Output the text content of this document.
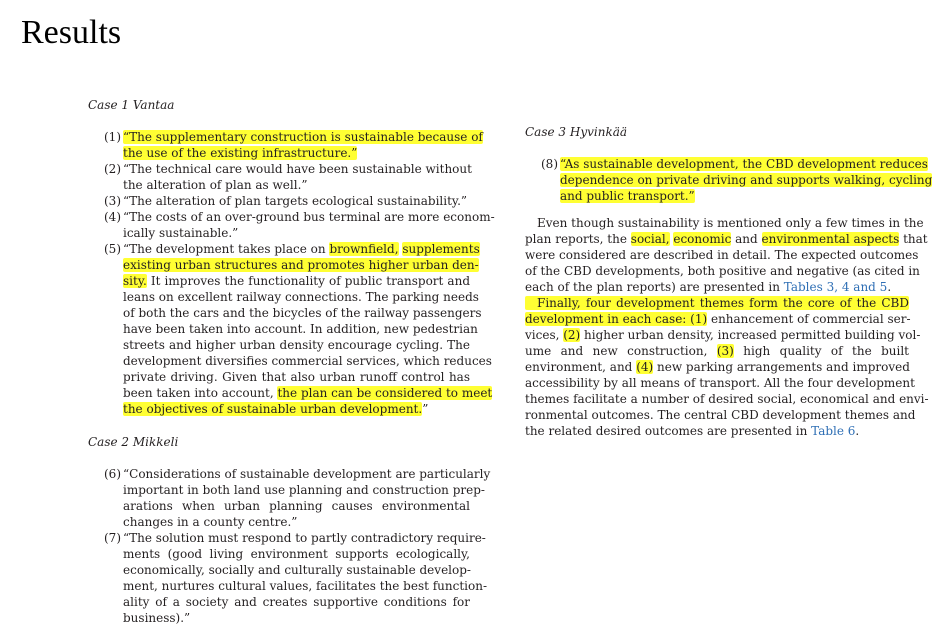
Results
Case 1 Vantaa
(1) “The supplementary construction is sustainable because of
the use of the existing infrastructure.”
(2) “The technical care would have been sustainable without
the alteration of plan as well.”
(3) “The alteration of plan targets ecological sustainability.”
(4) “The costs of an over-ground bus terminal are more econom-
ically sustainable.”
(5) “The development takes place on brownfield, supplements
existing urban structures and promotes higher urban den-
sity. It improves the functionality of public transport and
leans on excellent railway connections. The parking needs
of both the cars and the bicycles of the railway passengers
have been taken into account. In addition, new pedestrian
streets and higher urban density encourage cycling. The
development diversifies commercial services, which reduces
private driving. Given that also urban runoff control has
been taken into account, the plan can be considered to meet
the objectives of sustainable urban development.”
Case 2 Mikkeli
(6) “Considerations of sustainable development are particularly
important in both land use planning and construction prep-
arations when urban planning causes environmental
changes in a county centre.”
(7) “The solution must respond to partly contradictory require-
ments (good living environment supports ecologically,
economically, socially and culturally sustainable develop-
ment, nurtures cultural values, facilitates the best function-
ality of a society and creates supportive conditions for
business).”
Case 3 Hyvinkää
(8) “As sustainable development, the CBD development reduces
dependence on private driving and supports walking, cycling
and public transport.”
 Even though sustainability is mentioned only a few times in the
plan reports, the social, economic and environmental aspects that
were considered are described in detail. The expected outcomes
of the CBD developments, both positive and negative (as cited in
each of the plan reports) are presented in Tables 3, 4 and 5.
 Finally, four development themes form the core of the CBD
development in each case: (1) enhancement of commercial ser-
vices, (2) higher urban density, increased permitted building vol-
ume and new construction, (3) high quality of the built
environment, and (4) new parking arrangements and improved
accessibility by all means of transport. All the four development
themes facilitate a number of desired social, economical and envi-
ronmental outcomes. The central CBD development themes and
the related desired outcomes are presented in Table 6.
